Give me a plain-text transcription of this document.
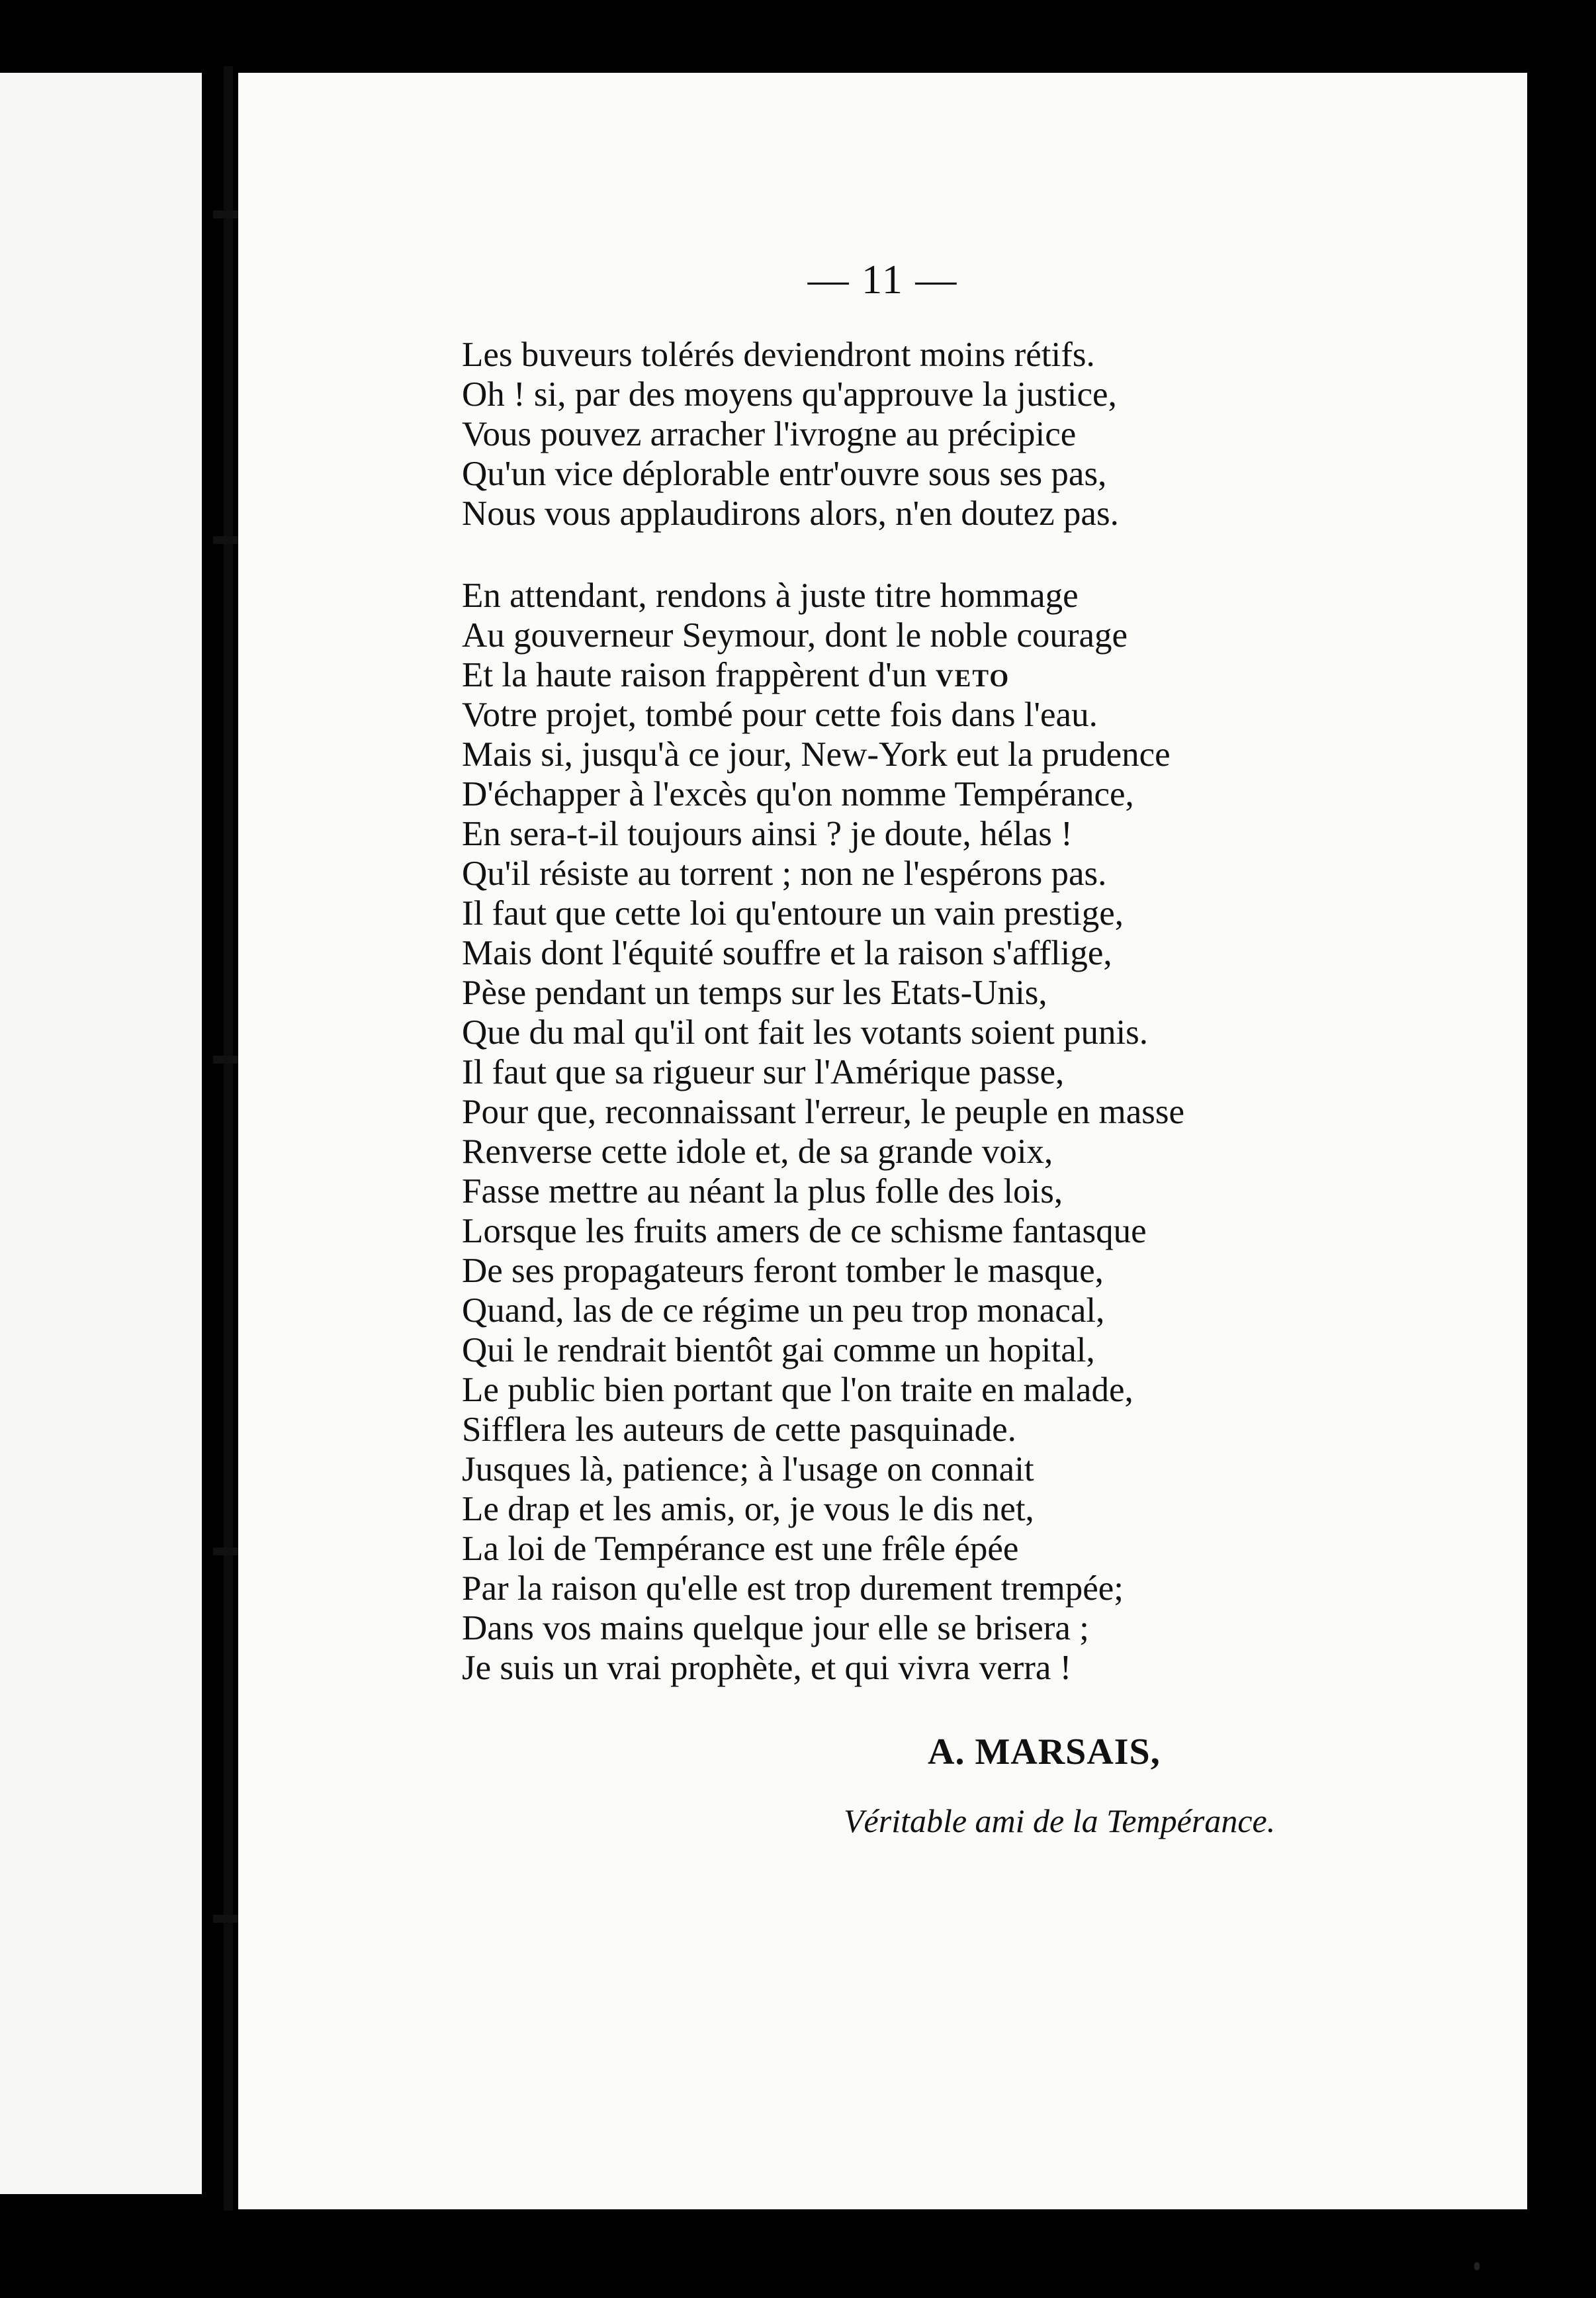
— 11 —
Les buveurs tolérés deviendront moins rétifs.
Oh ! si, par des moyens qu'approuve la justice,
Vous pouvez arracher l'ivrogne au précipice
Qu'un vice déplorable entr'ouvre sous ses pas,
Nous vous applaudirons alors, n'en doutez pas.
En attendant, rendons à juste titre hommage
Au gouverneur Seymour, dont le noble courage
Et la haute raison frappèrent d'un veto
Votre projet, tombé pour cette fois dans l'eau.
Mais si, jusqu'à ce jour, New-York eut la prudence
D'échapper à l'excès qu'on nomme Tempérance,
En sera-t-il toujours ainsi ? je doute, hélas !
Qu'il résiste au torrent ; non ne l'espérons pas.
Il faut que cette loi qu'entoure un vain prestige,
Mais dont l'équité souffre et la raison s'afflige,
Pèse pendant un temps sur les Etats-Unis,
Que du mal qu'il ont fait les votants soient punis.
Il faut que sa rigueur sur l'Amérique passe,
Pour que, reconnaissant l'erreur, le peuple en masse
Renverse cette idole et, de sa grande voix,
Fasse mettre au néant la plus folle des lois,
Lorsque les fruits amers de ce schisme fantasque
De ses propagateurs feront tomber le masque,
Quand, las de ce régime un peu trop monacal,
Qui le rendrait bientôt gai comme un hopital,
Le public bien portant que l'on traite en malade,
Sifflera les auteurs de cette pasquinade.
Jusques là, patience; à l'usage on connait
Le drap et les amis, or, je vous le dis net,
La loi de Tempérance est une frêle épée
Par la raison qu'elle est trop durement trempée;
Dans vos mains quelque jour elle se brisera ;
Je suis un vrai prophète, et qui vivra verra !
A. MARSAIS,
Véritable ami de la Tempérance.
